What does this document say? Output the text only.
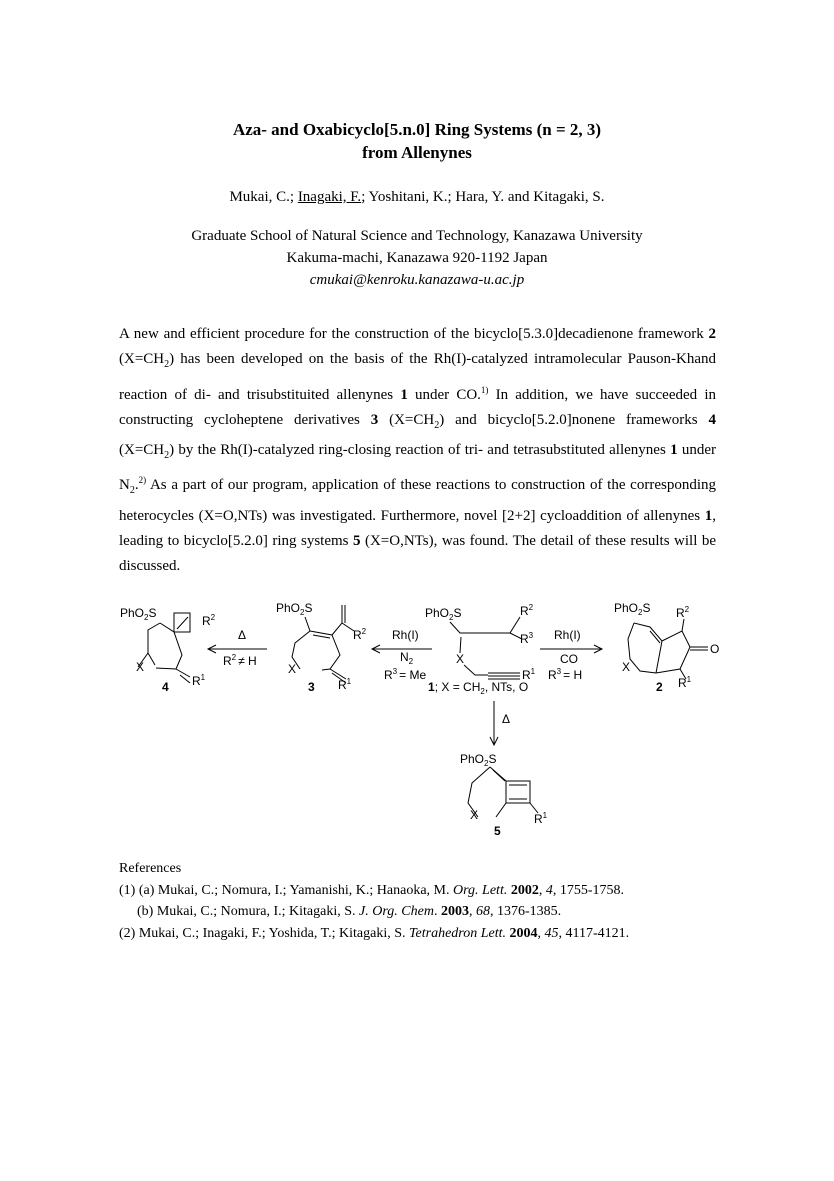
Aza- and Oxabicyclo[5.n.0] Ring Systems (n = 2, 3)
from Allenynes
Mukai, C.; Inagaki, F.; Yoshitani, K.; Hara, Y. and Kitagaki, S.
Graduate School of Natural Science and Technology, Kanazawa University
Kakuma-machi, Kanazawa 920-1192 Japan
cmukai@kenroku.kanazawa-u.ac.jp
A new and efficient procedure for the construction of the bicyclo[5.3.0]decadienone framework 2 $(X=CH_2)$ has been developed on the basis of the Rh(I)-catalyzed intramolecular Pauson-Khand reaction of di- and trisubstituited allenynes 1 under CO.$^{1)}$ In addition, we have succeeded in constructing cycloheptene derivatives 3 $(X=CH_2)$ and bicyclo[5.2.0]nonene frameworks 4 $(X=CH_2)$ by the Rh(I)-catalyzed ring-closing reaction of tri- and tetrasubstituted allenynes 1 under $N_2.^{2)}$ As a part of our program, application of these reactions to construction of the corresponding heterocycles (X=O,NTs) was investigated. Furthermore, novel [2+2] cycloaddition of allenynes 1, leading to bicyclo[5.2.0] ring systems 5 (X=O,NTs), was found. The detail of these results will be discussed.
PhO$_2$S
$R^2$
X
$R^1$
4
Δ
$R^2 \ne H$
PhO$_2$S
$R^2$
X
$R^1$
3
Rh(I)
$N_2$
$R^3 = Me$
PhO$_2$S	$R^2$
$R^3$
X
$R^1$
1; $X = CH_2$, NTs, O
Rh(I)
CO
$R^3 = H$
PhO$_2$S $R^2$
O
X
$R^1$
2
Δ
PhO$_2$S
X	$R^1$
5
References
(1) (a) Mukai, C.; Nomura, I.; Yamanishi, K.; Hanaoka, M. Org. Lett. 2002, 4, 1755-1758.
(b) Mukai, C.; Nomura, I.; Kitagaki, S. J. Org. Chem. 2003, 68, 1376-1385.
(2) Mukai, C.; Inagaki, F.; Yoshida, T.; Kitagaki, S. Tetrahedron Lett. 2004, 45, 4117-4121.
